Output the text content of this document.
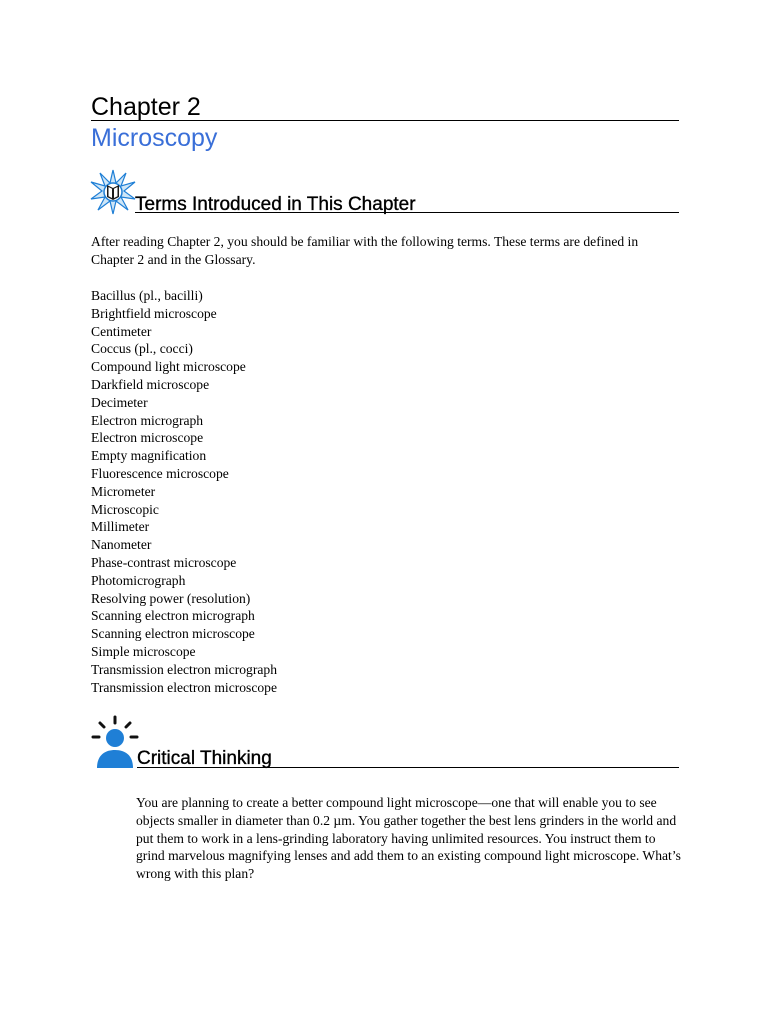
Chapter 2
Microscopy
Terms Introduced in This Chapter
After reading Chapter 2, you should be familiar with the following terms. These terms are defined in Chapter 2 and in the Glossary.
Bacillus (pl., bacilli)
Brightfield microscope
Centimeter
Coccus (pl., cocci)
Compound light microscope
Darkfield microscope
Decimeter
Electron micrograph
Electron microscope
Empty magnification
Fluorescence microscope
Micrometer
Microscopic
Millimeter
Nanometer
Phase-contrast microscope
Photomicrograph
Resolving power (resolution)
Scanning electron micrograph
Scanning electron microscope
Simple microscope
Transmission electron micrograph
Transmission electron microscope
Critical Thinking

You are planning to create a better compound light microscope—one that will enable you to see objects smaller in diameter than 0.2 µm. You gather together the best lens grinders in the world and put them to work in a lens-grinding laboratory having unlimited resources. You instruct them to grind marvelous magnifying lenses and add them to an existing compound light microscope. What’s wrong with this plan?
